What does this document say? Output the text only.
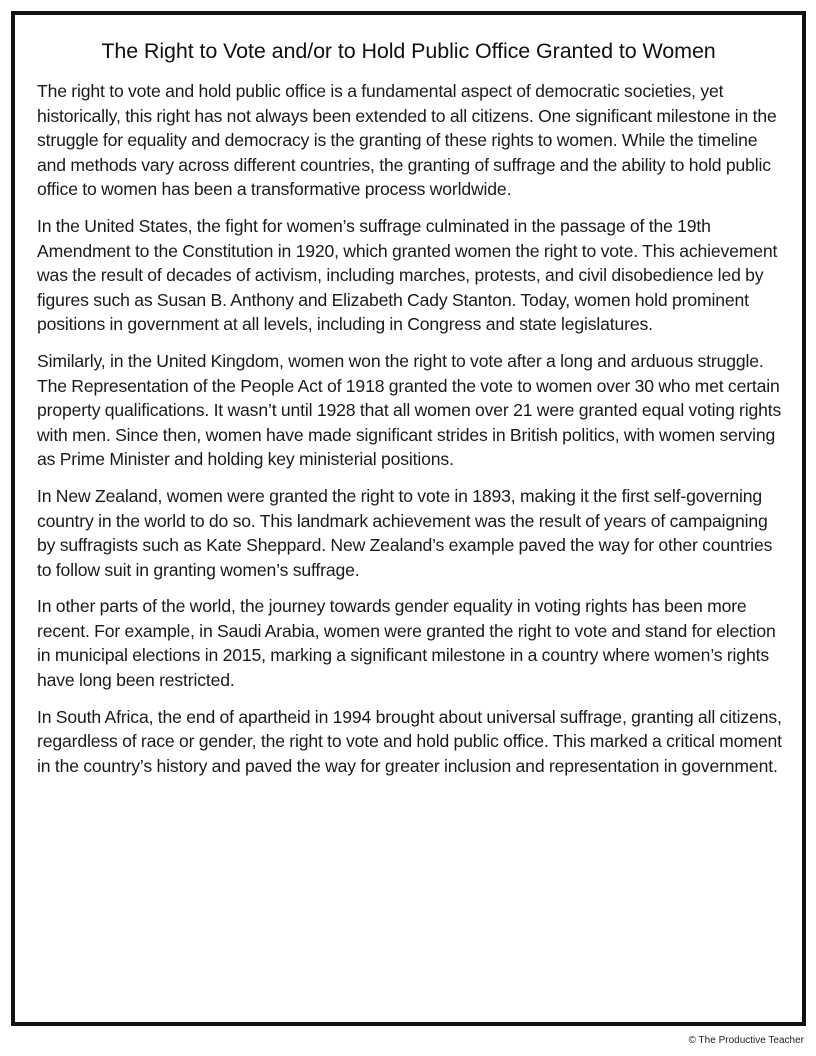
The Right to Vote and/or to Hold Public Office Granted to Women

The right to vote and hold public office is a fundamental aspect of democratic societies, yet historically, this right has not always been extended to all citizens. One significant milestone in the struggle for equality and democracy is the granting of these rights to women. While the timeline and methods vary across different countries, the granting of suffrage and the ability to hold public office to women has been a transformative process worldwide.

In the United States, the fight for women’s suffrage culminated in the passage of the 19th Amendment to the Constitution in 1920, which granted women the right to vote. This achievement was the result of decades of activism, including marches, protests, and civil disobedience led by figures such as Susan B. Anthony and Elizabeth Cady Stanton. Today, women hold prominent positions in government at all levels, including in Congress and state legislatures.

Similarly, in the United Kingdom, women won the right to vote after a long and arduous struggle. The Representation of the People Act of 1918 granted the vote to women over 30 who met certain property qualifications. It wasn’t until 1928 that all women over 21 were granted equal voting rights with men. Since then, women have made significant strides in British politics, with women serving as Prime Minister and holding key ministerial positions.

In New Zealand, women were granted the right to vote in 1893, making it the first self-governing country in the world to do so. This landmark achievement was the result of years of campaigning by suffragists such as Kate Sheppard. New Zealand’s example paved the way for other countries to follow suit in granting women’s suffrage.

In other parts of the world, the journey towards gender equality in voting rights has been more recent. For example, in Saudi Arabia, women were granted the right to vote and stand for election in municipal elections in 2015, marking a significant milestone in a country where women’s rights have long been restricted.

In South Africa, the end of apartheid in 1994 brought about universal suffrage, granting all citizens, regardless of race or gender, the right to vote and hold public office. This marked a critical moment in the country’s history and paved the way for greater inclusion and representation in government.

© The Productive Teacher
